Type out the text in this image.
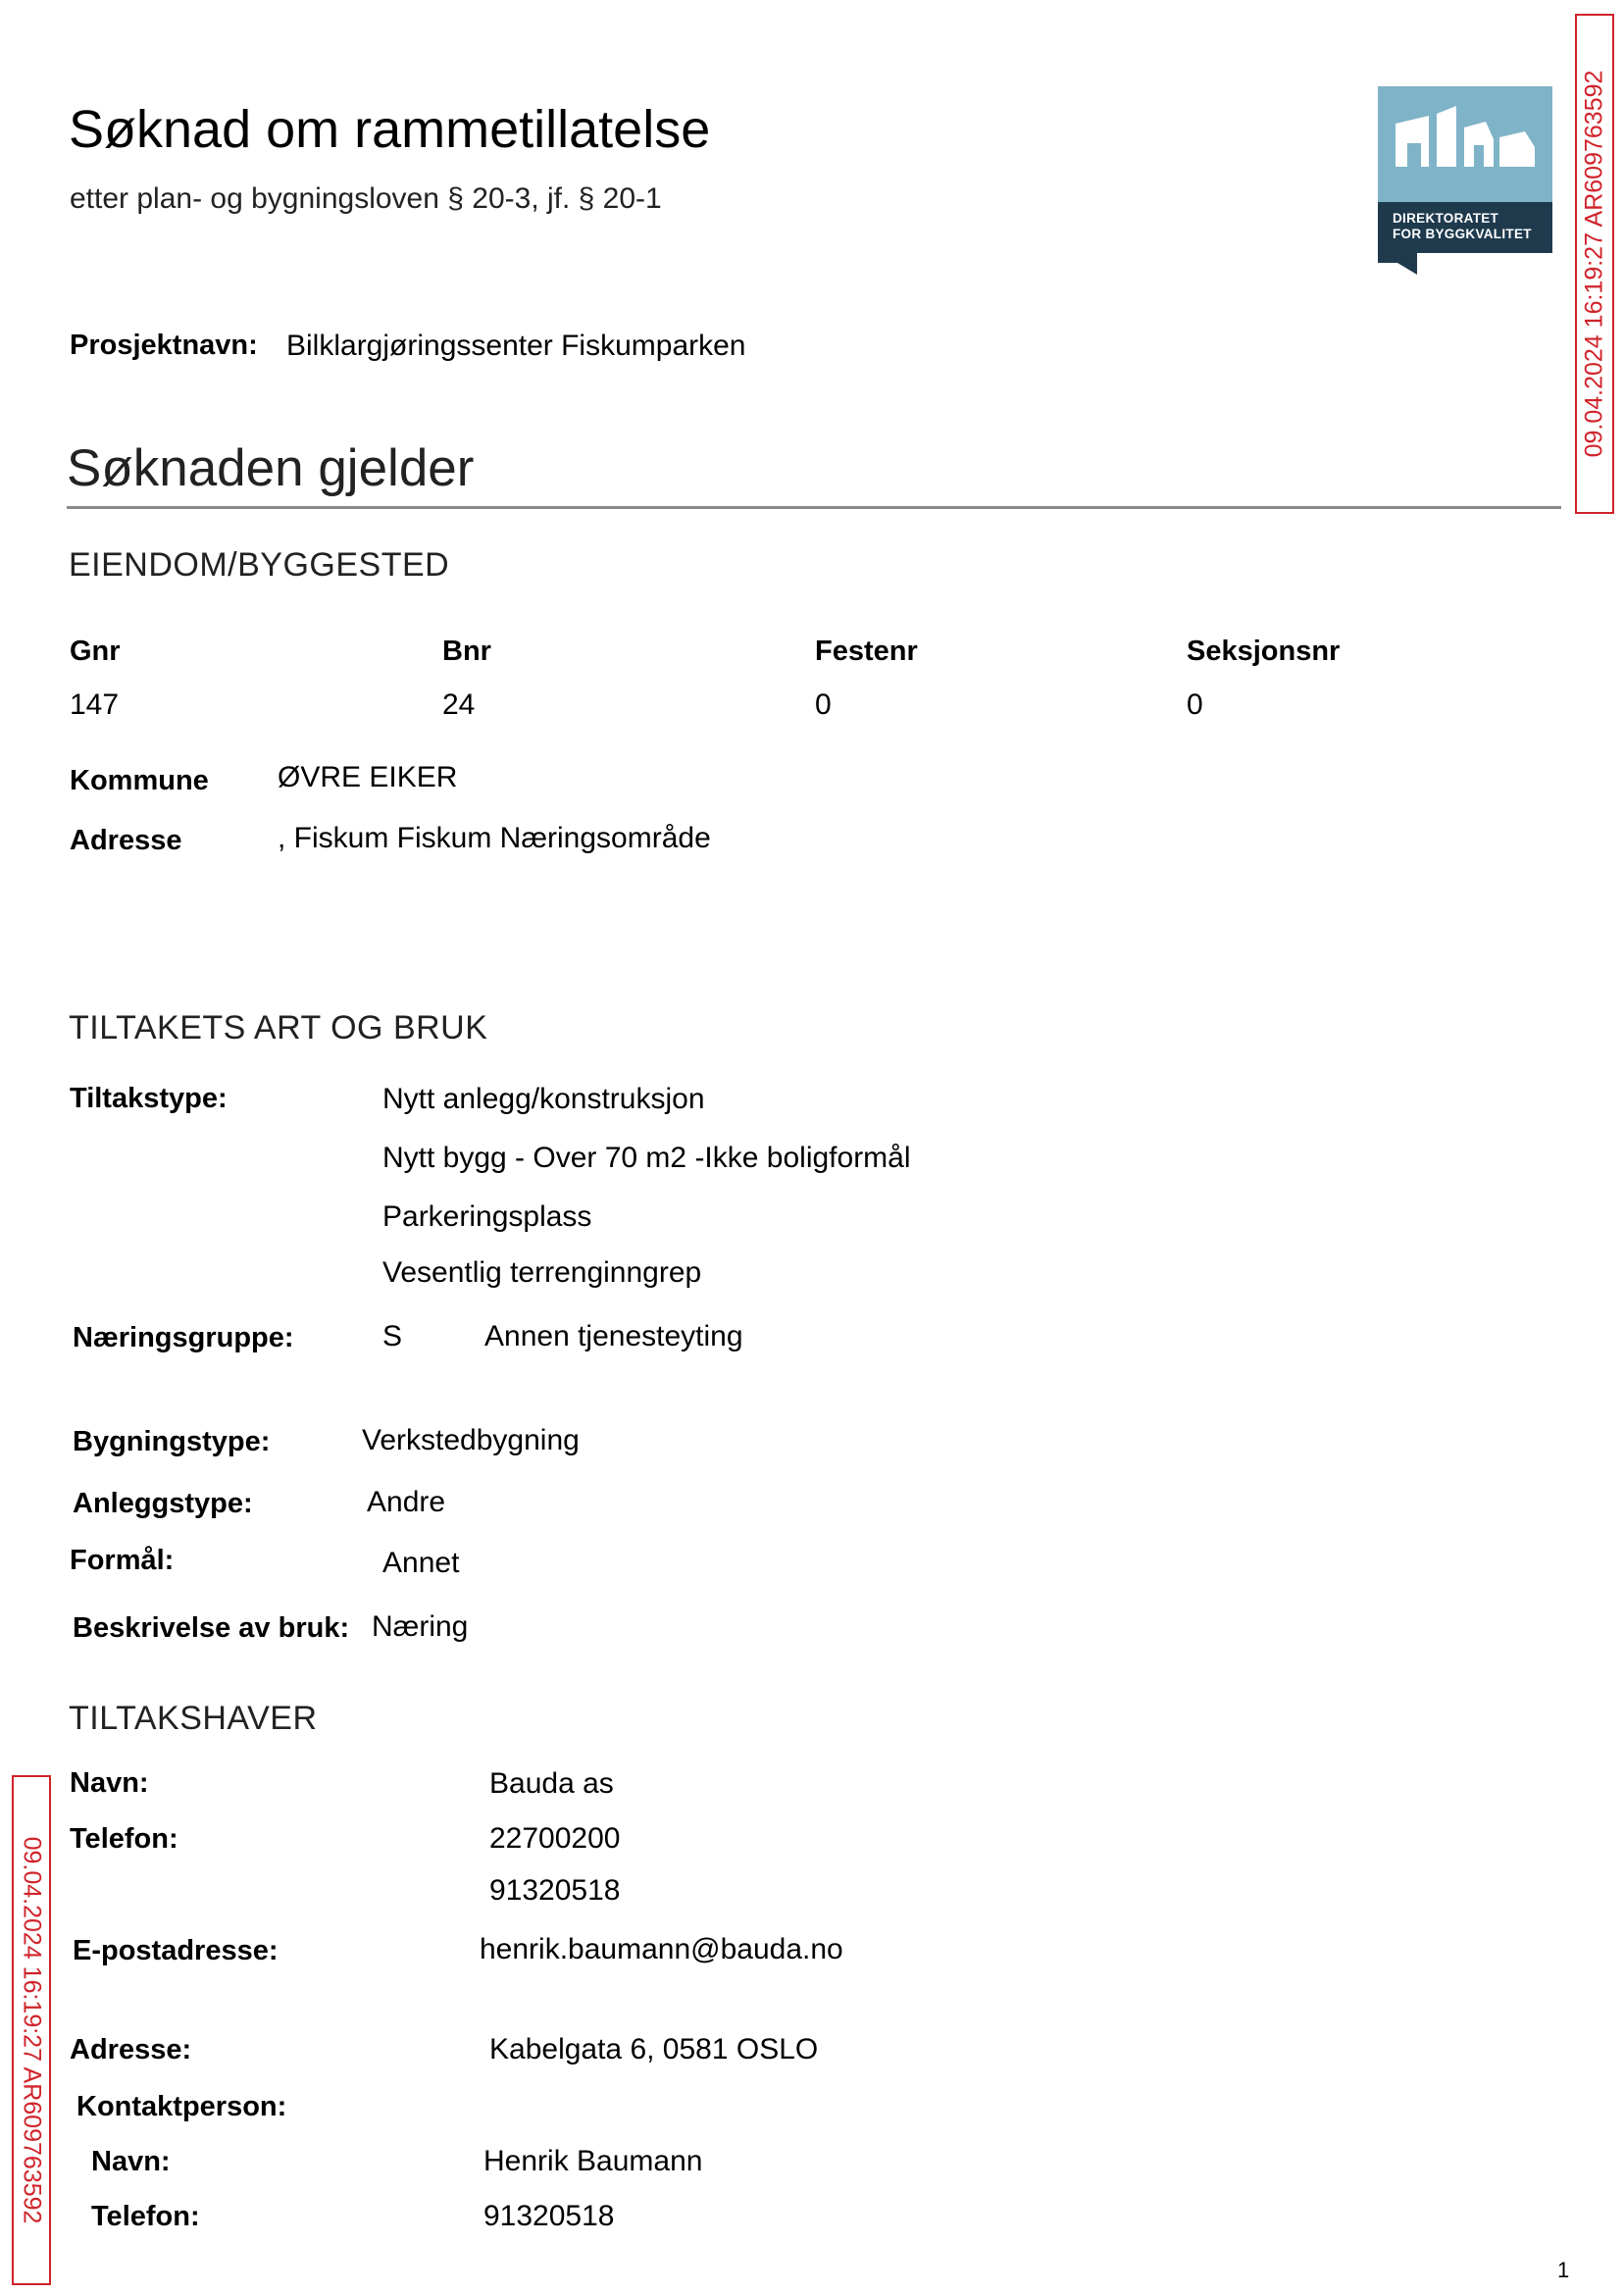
Søknad om rammetillatelse
etter plan- og bygningsloven § 20-3, jf. § 20-1
DIREKTORATET
FOR BYGGKVALITET
Prosjektnavn: Bilklargjøringssenter Fiskumparken
Søknaden gjelder
EIENDOM/BYGGESTED
Gnr	Bnr	Festenr	Seksjonsnr
147	24	0	0
Kommune ØVRE EIKER
Adresse	, Fiskum Fiskum Næringsområde
TILTAKETS ART OG BRUK
Tiltakstype:	Nytt anlegg/konstruksjon
Nytt bygg - Over 70 m2 -Ikke boligformål
Parkeringsplass
Vesentlig terrenginngrep
Næringsgruppe:	S	Annen tjenesteyting
Bygningstype:	Verkstedbygning
Anleggstype:	Andre
Formål:	Annet
Beskrivelse av bruk: Næring
TILTAKSHAVER
Navn:	Bauda as
Telefon:	22700200
91320518
E-postadresse:	henrik.baumann@bauda.no
Adresse:	Kabelgata 6, 0581 OSLO
Kontaktperson:
Navn:	Henrik Baumann
Telefon:	91320518
09.04.2024 16:19:27 AR609763592
09.04.2024 16:19:27 AR609763592
1
